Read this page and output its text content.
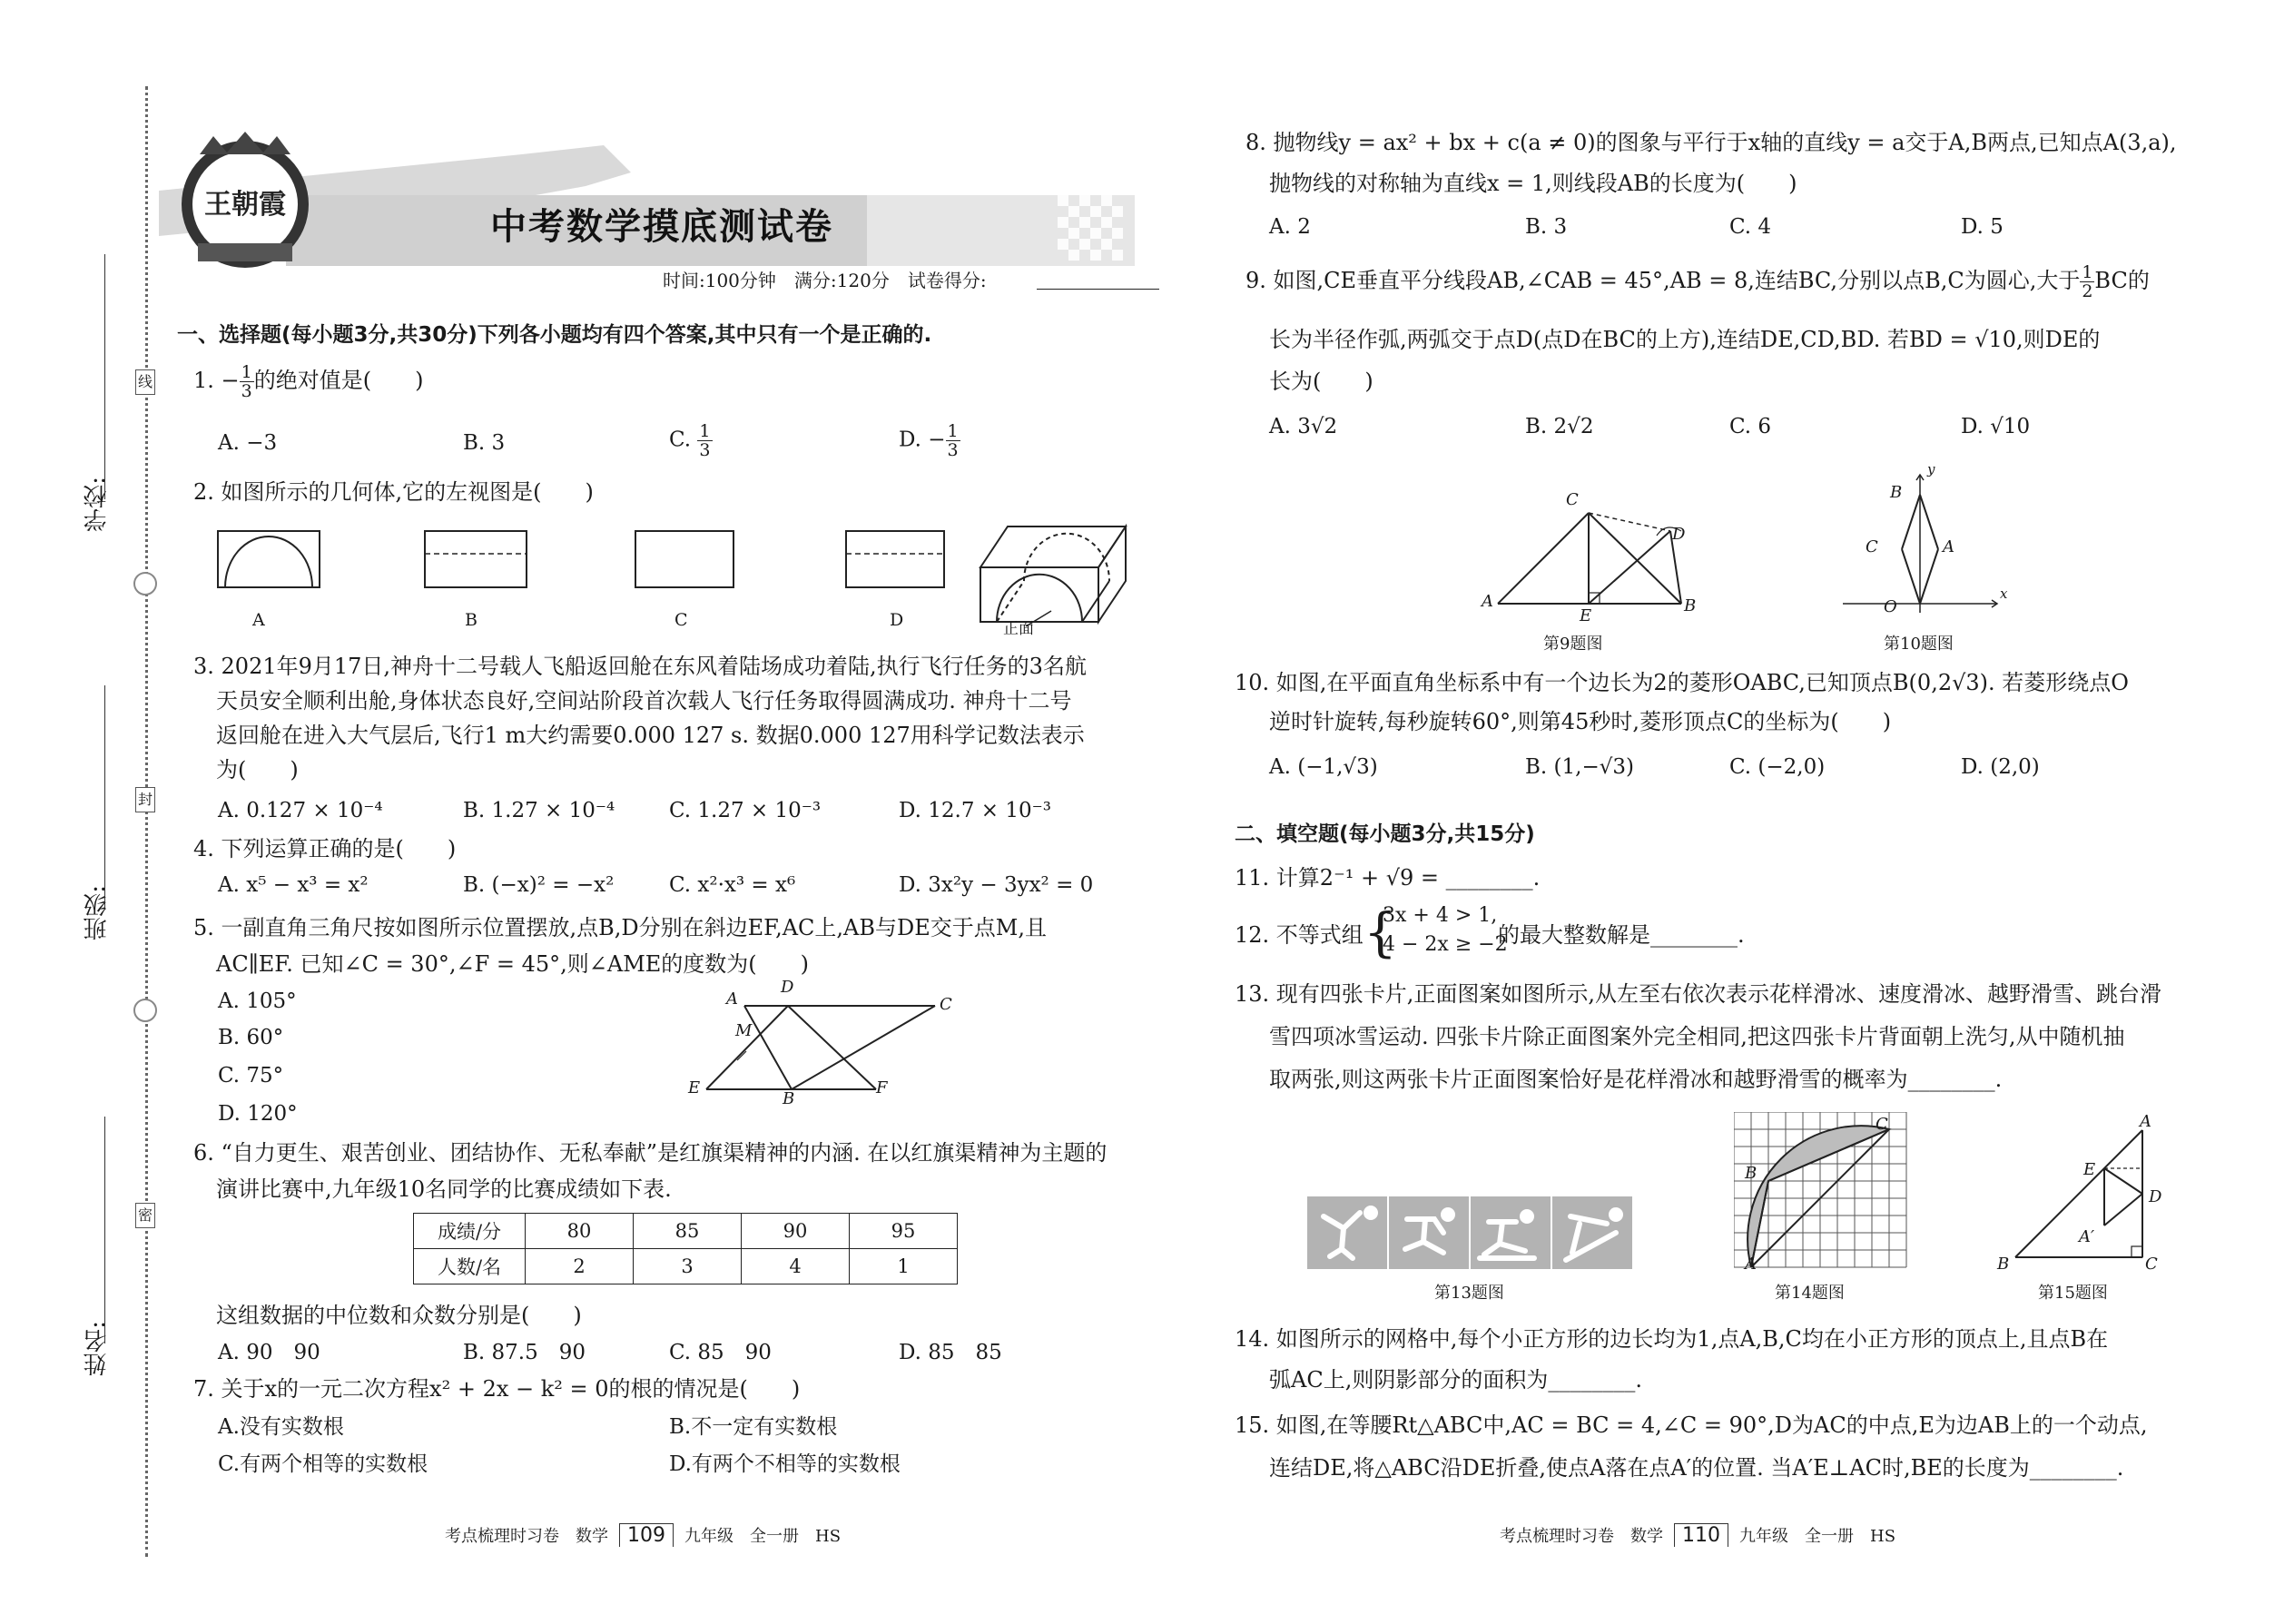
线
封
密
学校:
班级:
姓名:
王朝霞
中考数学摸底测试卷
时间:100分钟　满分:120分　试卷得分:
一、选择题(每小题3分,共30分)下列各小题均有四个答案,其中只有一个是正确的.
1. − $\frac{1}{3}$ 的绝对值是(　　)
A. −3	B. 3	C. $\frac{1}{3}$	D. − $\frac{1}{3}$
2. 如图所示的几何体,它的左视图是(　　)
A	B	C	D	正面
3. 2021年9月17日,神舟十二号载人飞船返回舱在东风着陆场成功着陆,执行飞行任务的3名航
天员安全顺利出舱,身体状态良好,空间站阶段首次载人飞行任务取得圆满成功. 神舟十二号
返回舱在进入大气层后,飞行1 m大约需要0.000 127 s. 数据0.000 127用科学记数法表示
为(　　)
A. 0.127 × 10⁻⁴	B. 1.27 × 10⁻⁴	C. 1.27 × 10⁻³	D. 12.7 × 10⁻³
4. 下列运算正确的是(　　)
A. x⁵ − x³ = x²	B. (−x)² = −x²	C. x²·x³ = x⁶	D. 3x²y − 3yx² = 0
5. 一副直角三角尺按如图所示位置摆放,点B,D分别在斜边EF,AC上,AB与DE交于点M,且
AC∥EF. 已知∠C = 30°,∠F = 45°,则∠AME的度数为(　　)
A. 105°
B. 60°
C. 75°
D. 120°
A
D
C
M
E
B
F
6. “自力更生、艰苦创业、团结协作、无私奉献”是红旗渠精神的内涵. 在以红旗渠精神为主题的
演讲比赛中,九年级10名同学的比赛成绩如下表.
成绩/分	80	85	90	95
人数/名	2	3	4	1
这组数据的中位数和众数分别是(　　)
A. 90　90	B. 87.5　90	C. 85　90	D. 85　85
7. 关于x的一元二次方程x² + 2x − k² = 0的根的情况是(　　)
A.没有实数根	B.不一定有实数根
C.有两个相等的实数根	D.有两个不相等的实数根
考点梳理时习卷　数学 109 九年级　全一册　HS
8. 抛物线y = ax² + bx + c(a ≠ 0)的图象与平行于x轴的直线y = a交于A,B两点,已知点A(3,a),
抛物线的对称轴为直线x = 1,则线段AB的长度为(　　)
A. 2	B. 3	C. 4	D. 5
9. 如图,CE垂直平分线段AB,∠CAB = 45°,AB = 8,连结BC,分别以点B,C为圆心,大于 $\frac{1}{2}$ BC的
长为半径作弧,两弧交于点D(点D在BC的上方),连结DE,CD,BD. 若BD = √10,则DE的
长为(　　)
A. 3√2	B. 2√2	C. 6	D. √10
C
D
A
E
B
第9题图
y
B
C	A
O
x
第10题图
10. 如图,在平面直角坐标系中有一个边长为2的菱形OABC,已知顶点B(0,2√3). 若菱形绕点O
逆时针旋转,每秒旋转60°,则第45秒时,菱形顶点C的坐标为(　　)
A. (−1,√3)	B. (1,−√3)	C. (−2,0)	D. (2,0)
二、填空题(每小题3分,共15分)
11. 计算2⁻¹ + √9 = ________.
12. 不等式组 {
3x + 4 > 1,
4 − 2x ≥ −2
的最大整数解是________.
13. 现有四张卡片,正面图案如图所示,从左至右依次表示花样滑冰、速度滑冰、越野滑雪、跳台滑
雪四项冰雪运动. 四张卡片除正面图案外完全相同,把这四张卡片背面朝上洗匀,从中随机抽
取两张,则这两张卡片正面图案恰好是花样滑冰和越野滑雪的概率为________.
第13题图
C
B
A
第14题图
A
E
D
A′
B	C
第15题图
14. 如图所示的网格中,每个小正方形的边长均为1,点A,B,C均在小正方形的顶点上,且点B在
弧AC上,则阴影部分的面积为________.
15. 如图,在等腰Rt△ABC中,AC = BC = 4,∠C = 90°,D为AC的中点,E为边AB上的一个动点,
连结DE,将△ABC沿DE折叠,使点A落在点A′的位置. 当A′E⊥AC时,BE的长度为________.
考点梳理时习卷　数学 110 九年级　全一册　HS
